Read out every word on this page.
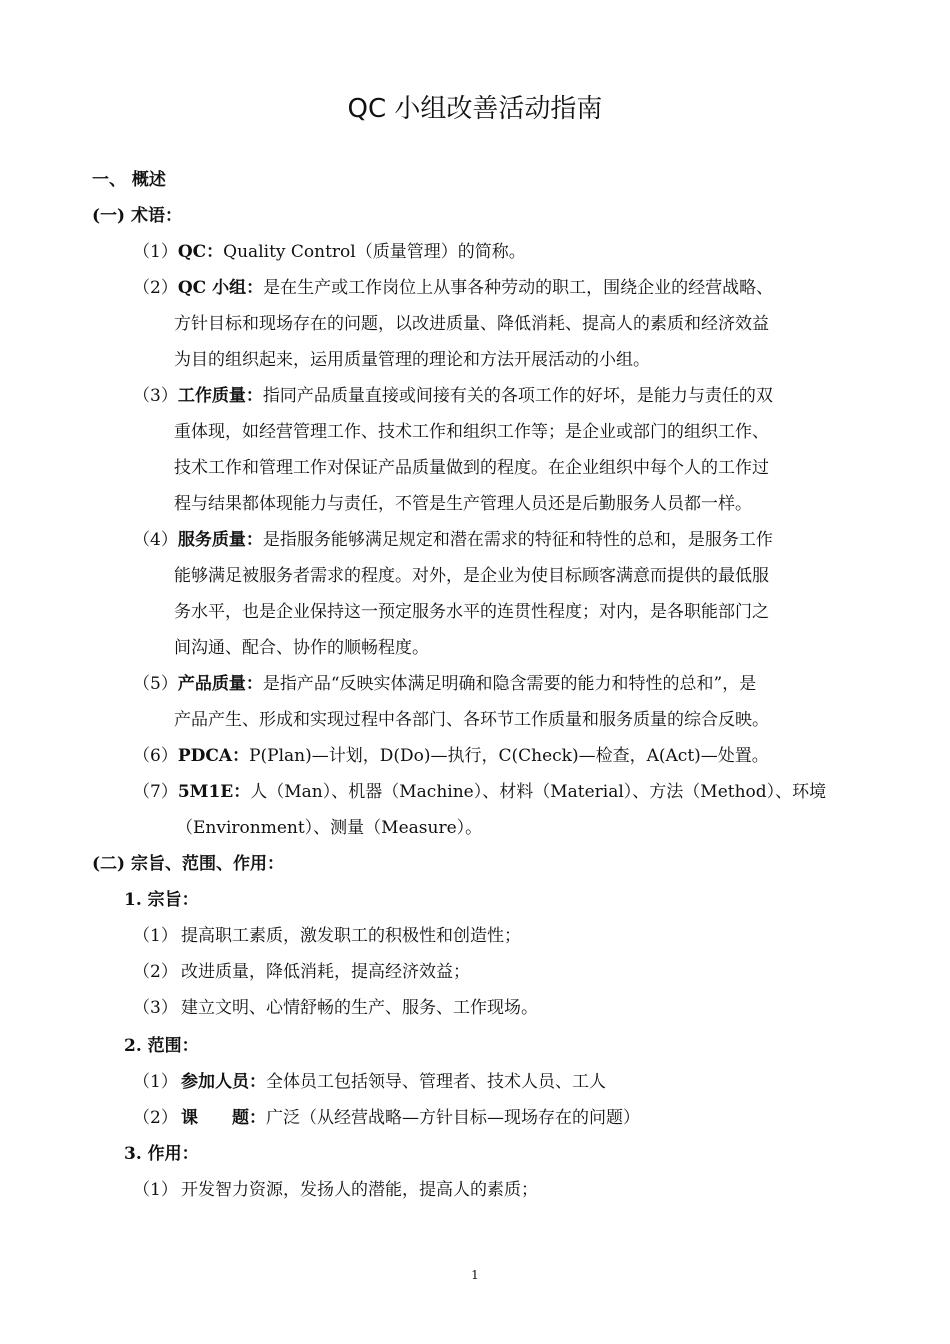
QC 小组改善活动指南
一、 概述
(一) 术语：
（1）QC：Quality Control（质量管理）的简称。
（2）QC 小组：是在生产或工作岗位上从事各种劳动的职工，围绕企业的经营战略、
方针目标和现场存在的问题，以改进质量、降低消耗、提高人的素质和经济效益
为目的组织起来，运用质量管理的理论和方法开展活动的小组。
（3）工作质量：指同产品质量直接或间接有关的各项工作的好坏，是能力与责任的双
重体现，如经营管理工作、技术工作和组织工作等；是企业或部门的组织工作、
技术工作和管理工作对保证产品质量做到的程度。在企业组织中每个人的工作过
程与结果都体现能力与责任，不管是生产管理人员还是后勤服务人员都一样。
（4）服务质量：是指服务能够满足规定和潜在需求的特征和特性的总和，是服务工作
能够满足被服务者需求的程度。对外，是企业为使目标顾客满意而提供的最低服
务水平，也是企业保持这一预定服务水平的连贯性程度；对内，是各职能部门之
间沟通、配合、协作的顺畅程度。
（5）产品质量：是指产品“反映实体满足明确和隐含需要的能力和特性的总和”，是
产品产生、形成和实现过程中各部门、各环节工作质量和服务质量的综合反映。
（6）PDCA：P(Plan)—计划，D(Do)—执行，C(Check)—检查，A(Act)—处置。
（7）5M1E：人（Man）、机器（Machine）、材料（Material）、方法（Method）、环境
（Environment）、测量（Measure）。
(二) 宗旨、范围、作用：
1. 宗旨：
（1） 提高职工素质，激发职工的积极性和创造性；
（2） 改进质量，降低消耗，提高经济效益；
（3） 建立文明、心情舒畅的生产、服务、工作现场。
2. 范围：
（1） 参加人员：全体员工包括领导、管理者、技术人员、工人
（2） 课　　题：广泛（从经营战略—方针目标—现场存在的问题）
3. 作用：
（1） 开发智力资源，发扬人的潜能，提高人的素质；
1
